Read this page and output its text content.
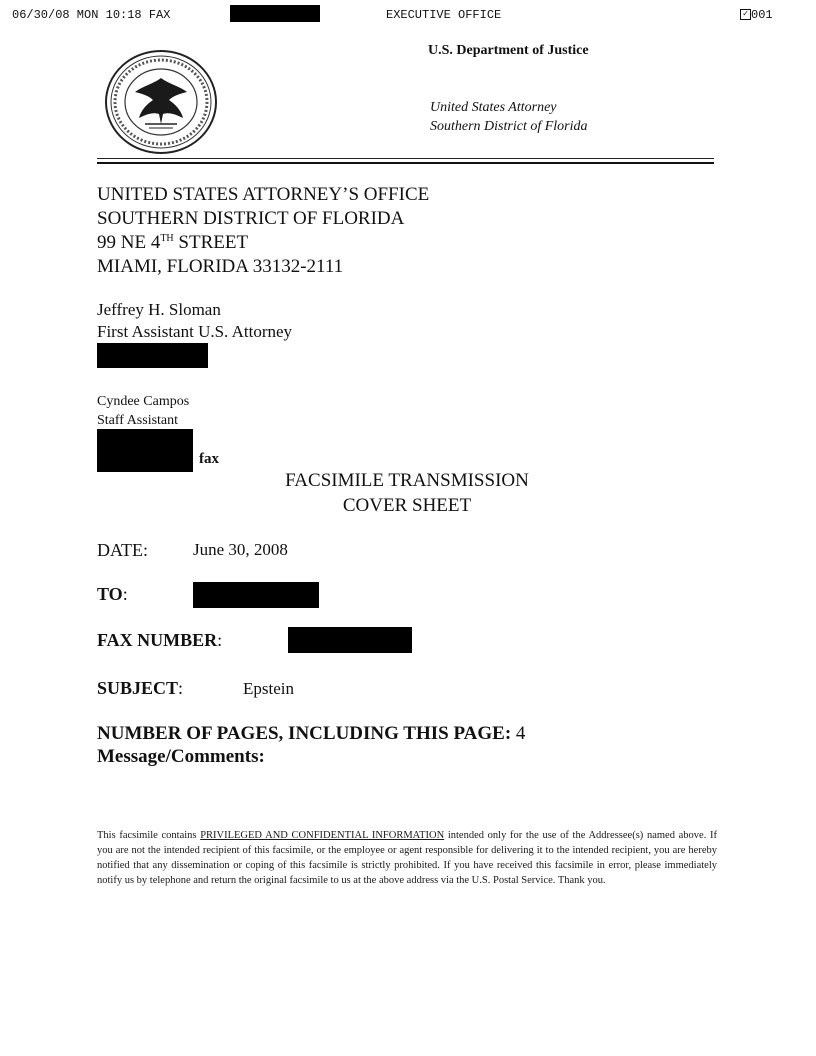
06/30/08 MON 10:18 FAX	EXECUTIVE OFFICE	✓ 001
U.S. Department of Justice
United States Attorney
Southern District of Florida
UNITED STATES ATTORNEY’S OFFICE
SOUTHERN DISTRICT OF FLORIDA
99 NE 4TH STREET
MIAMI, FLORIDA 33132-2111
Jeffrey H. Sloman
First Assistant U.S. Attorney
Cyndee Campos
Staff Assistant
fax
FACSIMILE TRANSMISSION
COVER SHEET
DATE:	June 30, 2008
TO:
FAX NUMBER:
SUBJECT:	Epstein
NUMBER OF PAGES, INCLUDING THIS PAGE: 4
Message/Comments:
This facsimile contains PRIVILEGED AND CONFIDENTIAL INFORMATION intended only for the use of the Addressee(s) named above. If you are not the intended recipient of this facsimile, or the employee or agent responsible for delivering it to the intended recipient, you are hereby notified that any dissemination or coping of this facsimile is strictly prohibited. If you have received this facsimile in error, please immediately notify us by telephone and return the original facsimile to us at the above address via the U.S. Postal Service. Thank you.
